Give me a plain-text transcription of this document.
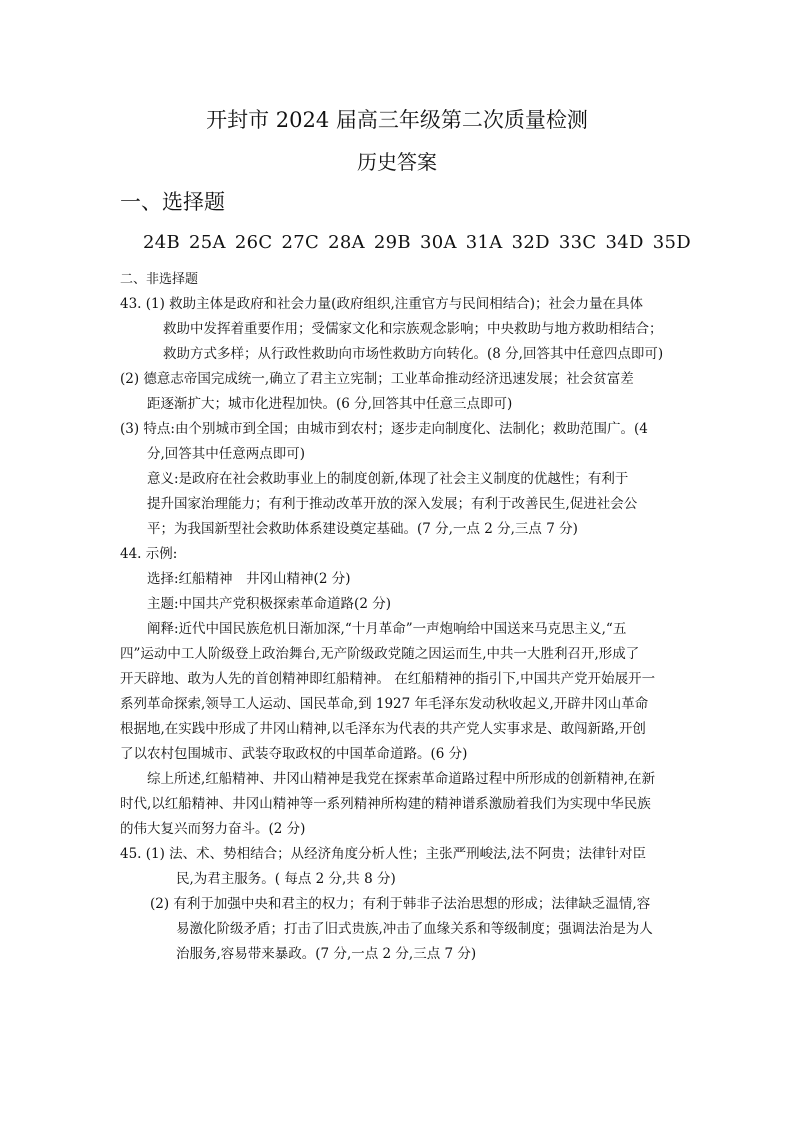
开封市 2024 届高三年级第二次质量检测
历史答案
一、选择题
24B 25A 26C 27C 28A 29B 30A 31A 32D 33C 34D 35D
二、非选择题
43. (1) 救助主体是政府和社会力量(政府组织,注重官方与民间相结合)；社会力量在具体
救助中发挥着重要作用；受儒家文化和宗族观念影响；中央救助与地方救助相结合；
救助方式多样；从行政性救助向市场性救助方向转化。(8 分,回答其中任意四点即可)
(2) 德意志帝国完成统一,确立了君主立宪制；工业革命推动经济迅速发展；社会贫富差
距逐渐扩大；城市化进程加快。(6 分,回答其中任意三点即可)
(3) 特点:由个别城市到全国；由城市到农村；逐步走向制度化、法制化；救助范围广。(4
分,回答其中任意两点即可)
意义:是政府在社会救助事业上的制度创新,体现了社会主义制度的优越性；有利于
提升国家治理能力；有利于推动改革开放的深入发展；有利于改善民生,促进社会公
平；为我国新型社会救助体系建设奠定基础。(7 分,一点 2 分,三点 7 分)
44. 示例:
选择:红船精神　井冈山精神(2 分)
主题:中国共产党积极探索革命道路(2 分)
阐释:近代中国民族危机日渐加深,“十月革命”一声炮响给中国送来马克思主义,“五
四”运动中工人阶级登上政治舞台,无产阶级政党随之因运而生,中共一大胜利召开,形成了
开天辟地、敢为人先的首创精神即红船精神。 在红船精神的指引下,中国共产党开始展开一
系列革命探索,领导工人运动、国民革命,到 1927 年毛泽东发动秋收起义,开辟井冈山革命
根据地,在实践中形成了井冈山精神,以毛泽东为代表的共产党人实事求是、敢闯新路,开创
了以农村包围城市、武装夺取政权的中国革命道路。(6 分)
综上所述,红船精神、井冈山精神是我党在探索革命道路过程中所形成的创新精神,在新
时代,以红船精神、井冈山精神等一系列精神所构建的精神谱系激励着我们为实现中华民族
的伟大复兴而努力奋斗。(2 分)
45. (1) 法、术、势相结合；从经济角度分析人性；主张严刑峻法,法不阿贵；法律针对臣
民,为君主服务。( 每点 2 分,共 8 分)
(2) 有利于加强中央和君主的权力；有利于韩非子法治思想的形成；法律缺乏温情,容
易激化阶级矛盾；打击了旧式贵族,冲击了血缘关系和等级制度；强调法治是为人
治服务,容易带来暴政。(7 分,一点 2 分,三点 7 分)
